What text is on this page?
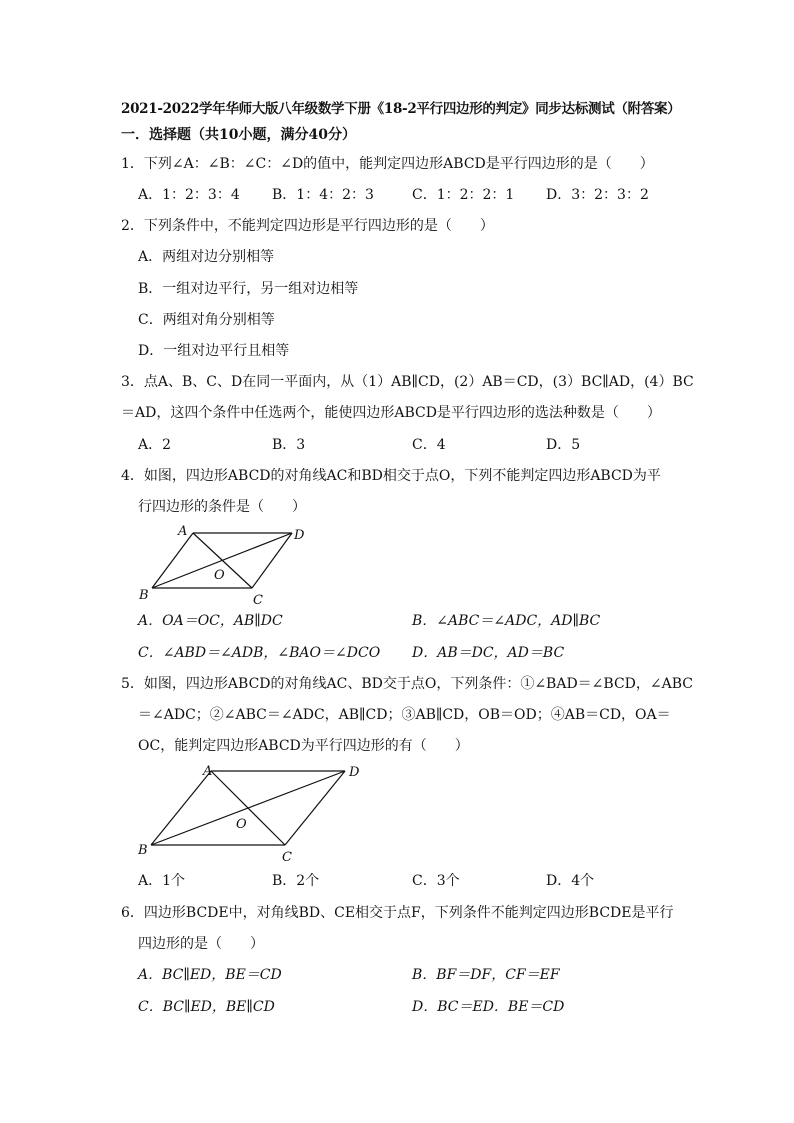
2021-2022学年华师大版八年级数学下册《18-2平行四边形的判定》同步达标测试（附答案）
一．选择题（共10小题，满分40分）
1．下列∠A：∠B：∠C：∠D的值中，能判定四边形ABCD是平行四边形的是（　　）
A．1：2：3：4 B．1：4：2：3	C．1：2：2：1 D．3：2：3：2
2．下列条件中，不能判定四边形是平行四边形的是（　　）
A．两组对边分别相等
B．一组对边平行，另一组对边相等
C．两组对角分别相等
D．一组对边平行且相等
3．点A、B、C、D在同一平面内，从（1）AB∥CD，(2）AB＝CD，(3）BC∥AD，(4）BC
＝AD，这四个条件中任选两个，能使四边形ABCD是平行四边形的选法种数是（　　）
A．2	B．3	C．4	D．5
4．如图，四边形ABCD的对角线AC和BD相交于点O，下列不能判定四边形ABCD为平
行四边形的条件是（　　）
A	D
B	C
O
A．OA＝OC，AB∥DC	B．∠ABC＝∠ADC，AD∥BC
C．∠ABD＝∠ADB，∠BAO＝∠DCO D．AB＝DC，AD＝BC
5．如图，四边形ABCD的对角线AC、BD交于点O，下列条件：①∠BAD＝∠BCD，∠ABC
＝∠ADC；②∠ABC＝∠ADC，AB∥CD；③AB∥CD，OB＝OD；④AB＝CD，OA＝
OC，能判定四边形ABCD为平行四边形的有（　　）
A	D
B	C
O
A．1个	B．2个	C．3个	D．4个
6．四边形BCDE中，对角线BD、CE相交于点F，下列条件不能判定四边形BCDE是平行
四边形的是（　　）
A．BC∥ED，BE＝CD	B．BF＝DF，CF＝EF
C．BC∥ED，BE∥CD	D．BC＝ED．BE＝CD
